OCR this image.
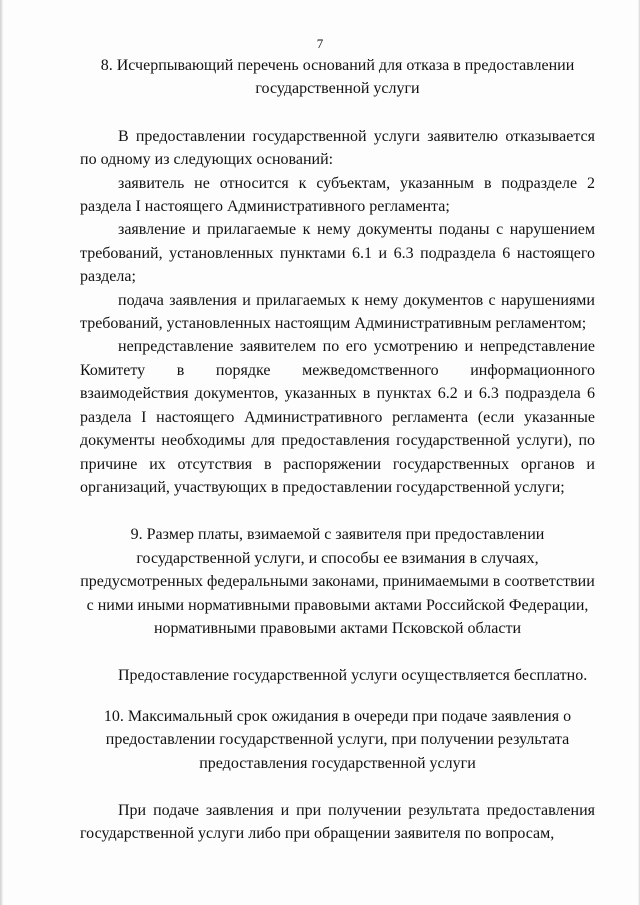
7

8. Исчерпывающий перечень оснований для отказа в предоставлении государственной услуги

В предоставлении государственной услуги заявителю отказывается по одному из следующих оснований:

заявитель не относится к субъектам, указанным в подразделе 2 раздела I настоящего Административного регламента;

заявление и прилагаемые к нему документы поданы с нарушением требований, установленных пунктами 6.1 и 6.3 подраздела 6 настоящего раздела;

подача заявления и прилагаемых к нему документов с нарушениями требований, установленных настоящим Административным регламентом;

непредставление заявителем по его усмотрению и непредставление Комитету в порядке межведомственного информационного взаимодействия документов, указанных в пунктах 6.2 и 6.3 подраздела 6 раздела I настоящего Административного регламента (если указанные документы необходимы для предоставления государственной услуги), по причине их отсутствия в распоряжении государственных органов и организаций, участвующих в предоставлении государственной услуги;

9. Размер платы, взимаемой с заявителя при предоставлении государственной услуги, и способы ее взимания в случаях, предусмотренных федеральными законами, принимаемыми в соответствии с ними иными нормативными правовыми актами Российской Федерации, нормативными правовыми актами Псковской области

Предоставление государственной услуги осуществляется бесплатно.

10. Максимальный срок ожидания в очереди при подаче заявления о предоставлении государственной услуги, при получении результата предоставления государственной услуги

При подаче заявления и при получении результата предоставления государственной услуги либо при обращении заявителя по вопросам,
